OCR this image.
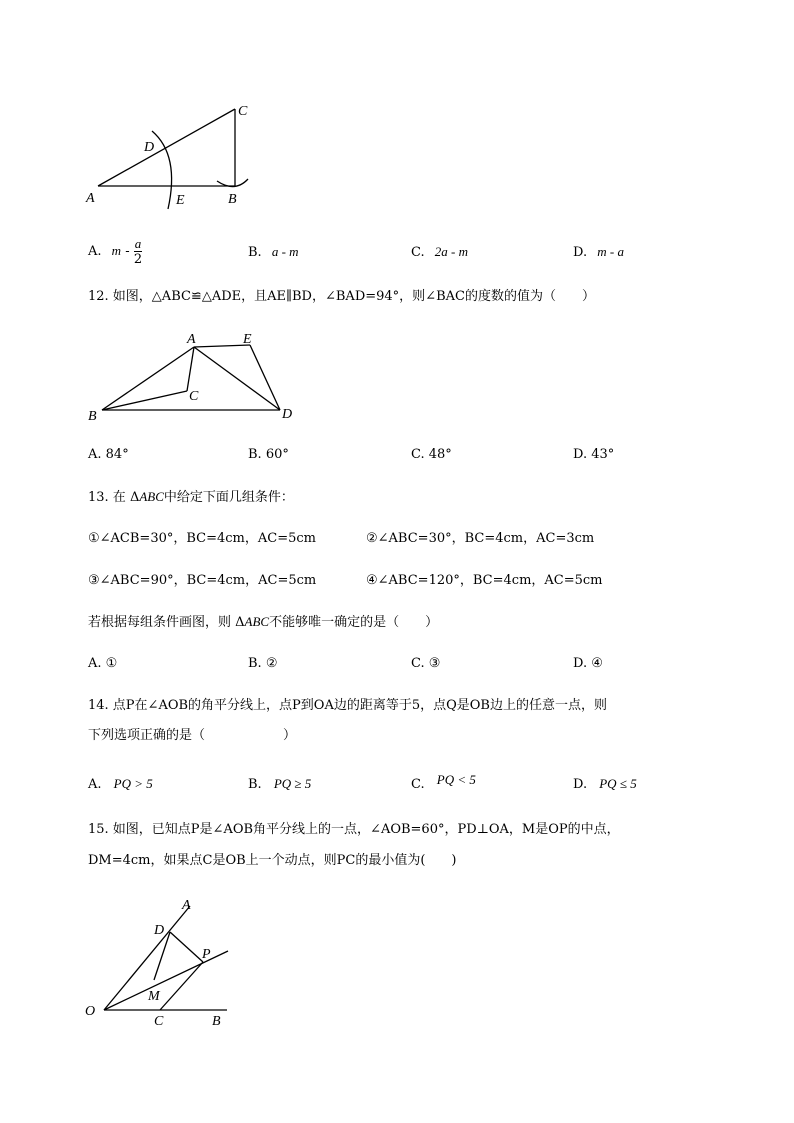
A	B
C
D
E
A. m - $\frac{a}{2}$	B. a - m	C. 2a - m	D. m - a
12. 如图，△ABC≌△ADE，且AE∥BD，∠BAD=94°，则∠BAC的度数的值为（　　）
B
A	E
C
D
A. 84°	B. 60°	C. 48°	D. 43°
13. 在 ΔABC中给定下面几组条件：
①∠ACB=30°，BC=4cm，AC=5cm	②∠ABC=30°，BC=4cm，AC=3cm
③∠ABC=90°，BC=4cm，AC=5cm	④∠ABC=120°，BC=4cm，AC=5cm
若根据每组条件画图，则 ΔABC不能够唯一确定的是（　　）
A. ①	B. ②	C. ③	D. ④
14. 点P在∠AOB的角平分线上，点P到OA边的距离等于5，点Q是OB边上的任意一点，则
下列选项正确的是（　　　　　　）
A. PQ > 5	B. PQ ≥ 5	C. PQ < 5	D. PQ ≤ 5
15. 如图，已知点P是∠AOB角平分线上的一点，∠AOB=60°，PD⊥OA，M是OP的中点，
DM=4cm，如果点C是OB上一个动点，则PC的最小值为(　　)
O
A
D
P
M
C	B
